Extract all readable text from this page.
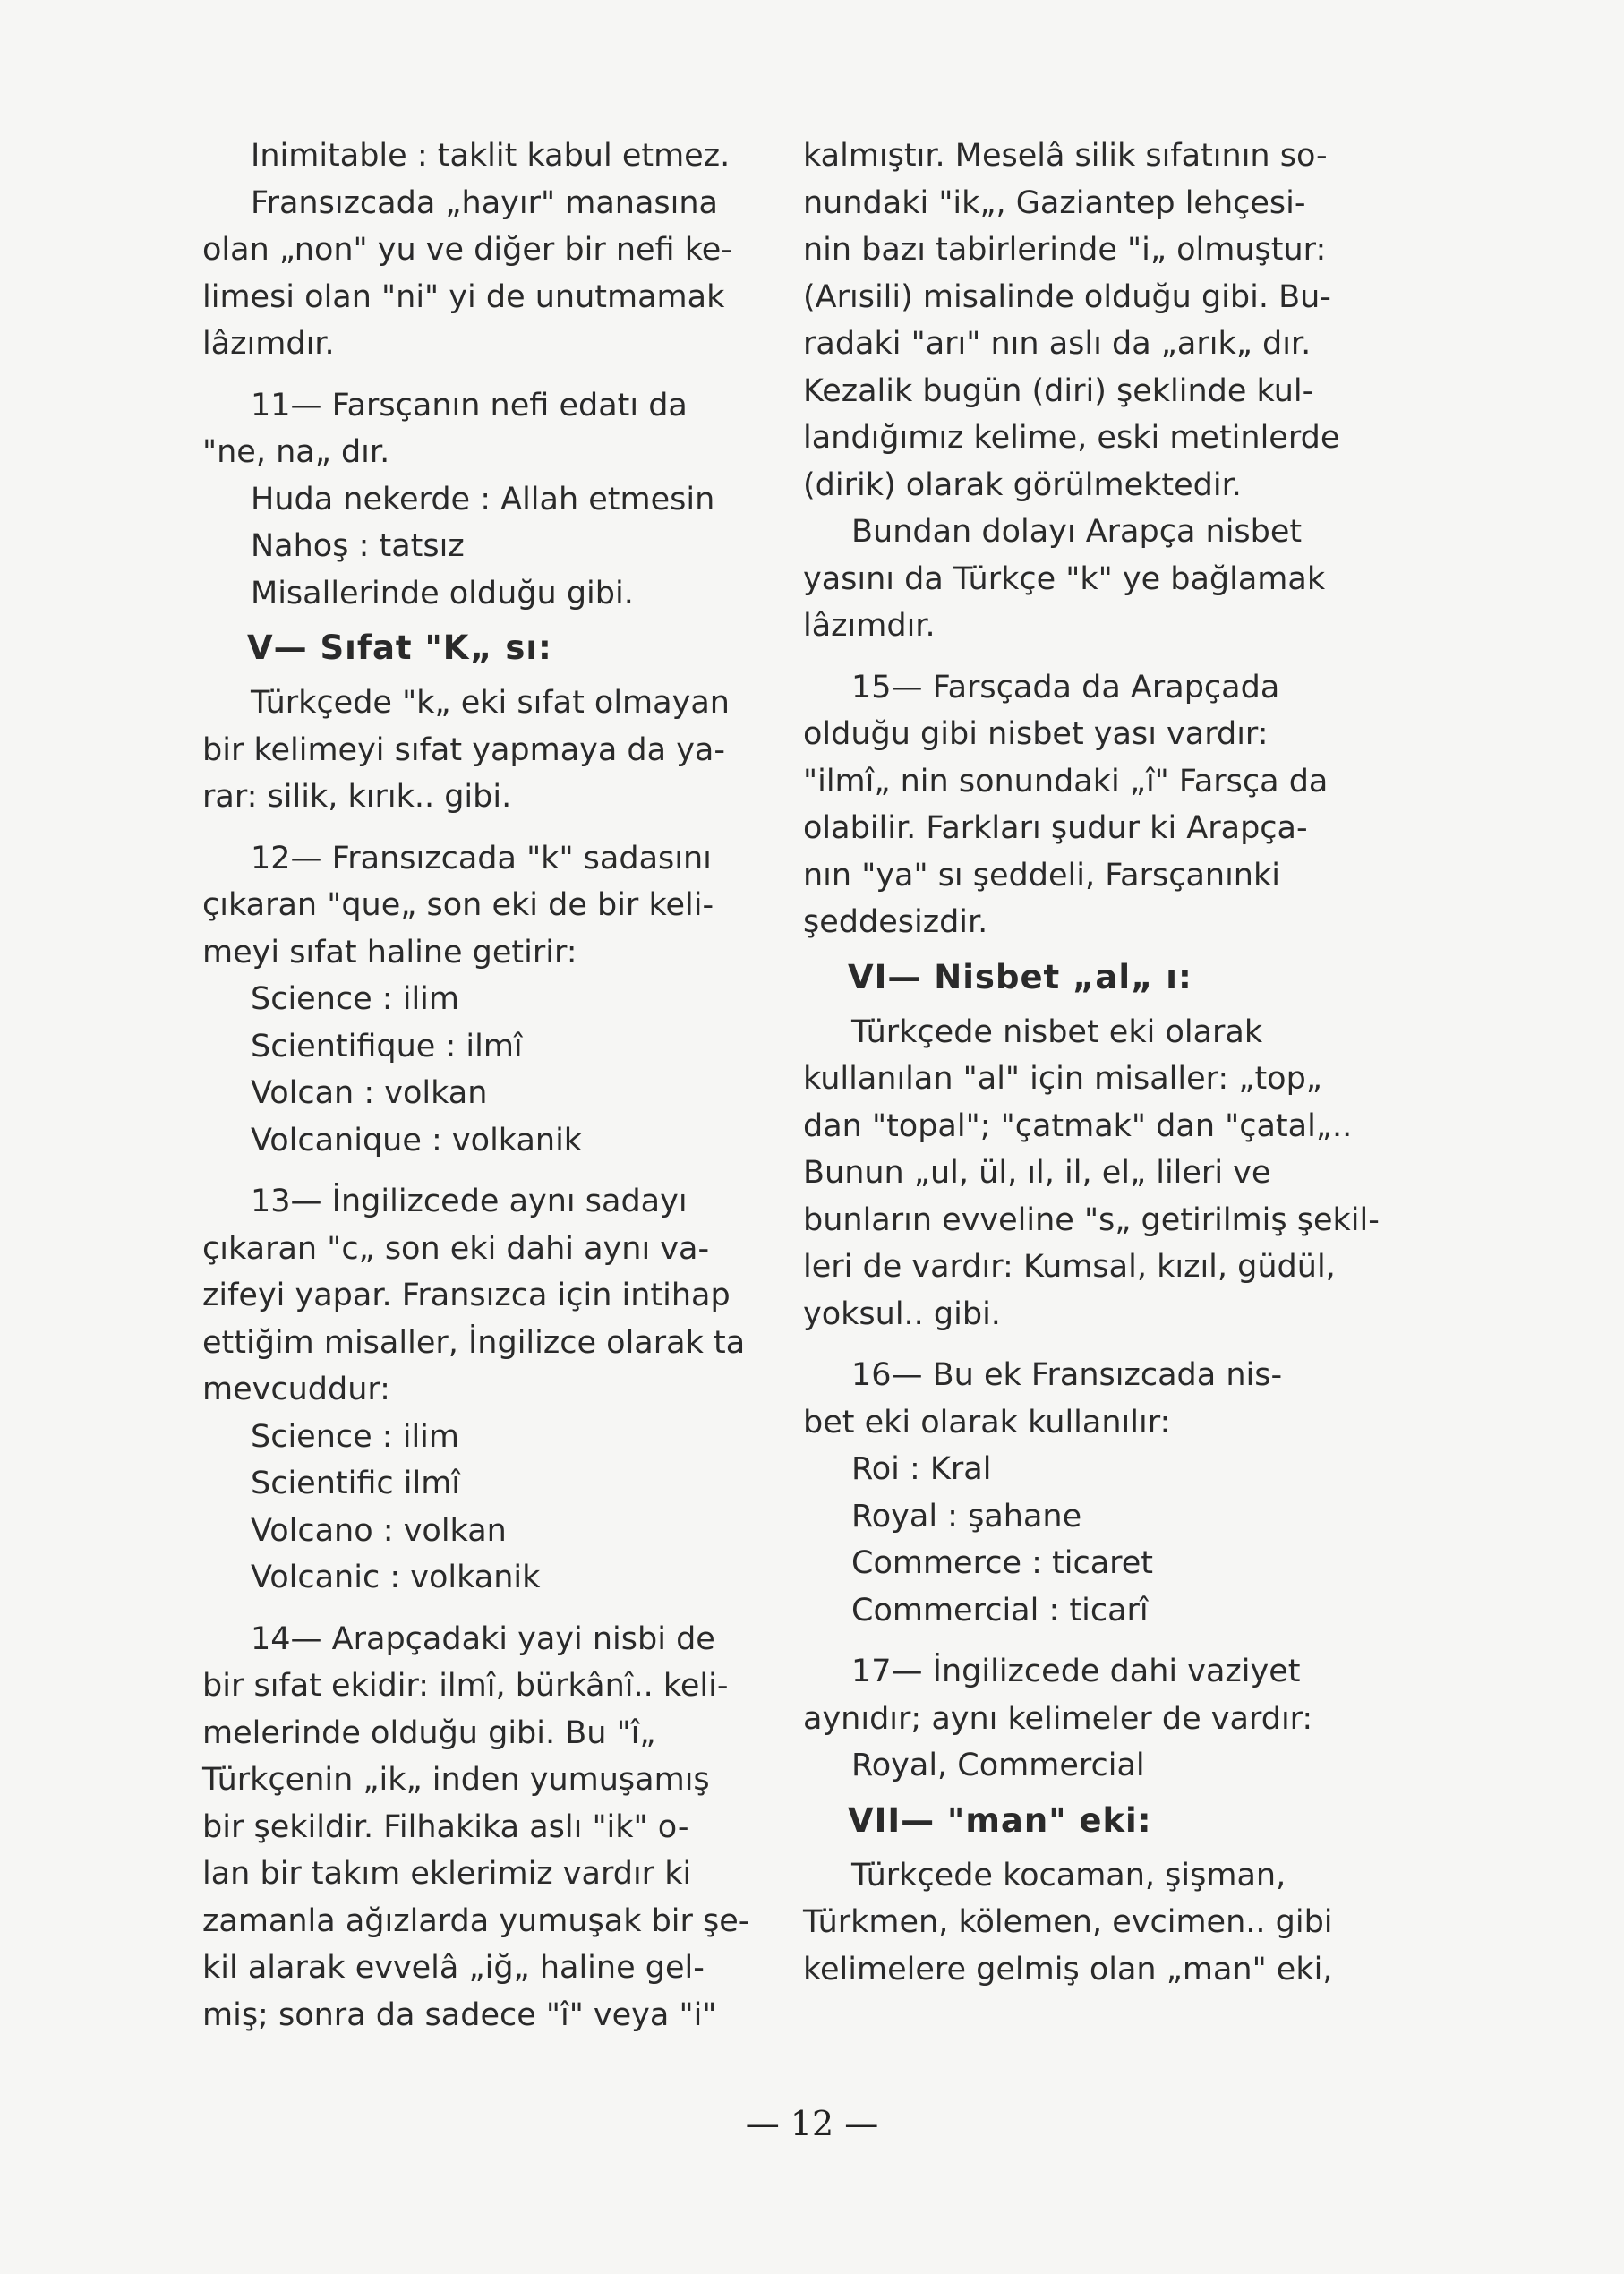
Inimitable : taklit kabul etmez.
Fransızcada „hayır" manasına
olan „non" yu ve diğer bir nefi ke-
limesi olan "ni" yi de unutmamak
lâzımdır.
11— Farsçanın nefi edatı da
"ne, na„ dır.
Huda nekerde : Allah etmesin
Nahoş : tatsız
Misallerinde olduğu gibi.
V— Sıfat "K„ sı:
Türkçede "k„ eki sıfat olmayan
bir kelimeyi sıfat yapmaya da ya-
rar: silik, kırık.. gibi.
12— Fransızcada "k" sadasını
çıkaran "que„ son eki de bir keli-
meyi sıfat haline getirir:
Science : ilim
Scientifique : ilmî
Volcan : volkan
Volcanique : volkanik
13— İngilizcede aynı sadayı
çıkaran "c„ son eki dahi aynı va-
zifeyi yapar. Fransızca için intihap
ettiğim misaller, İngilizce olarak ta
mevcuddur:
Science : ilim
Scientific ilmî
Volcano : volkan
Volcanic : volkanik
14— Arapçadaki yayi nisbi de
bir sıfat ekidir: ilmî, bürkânî.. keli-
melerinde olduğu gibi. Bu "î„
Türkçenin „ik„ inden yumuşamış
bir şekildir. Filhakika aslı "ik" o-
lan bir takım eklerimiz vardır ki
zamanla ağızlarda yumuşak bir şe-
kil alarak evvelâ „iğ„ haline gel-
miş; sonra da sadece "î" veya "i"
kalmıştır. Meselâ silik sıfatının so-
nundaki "ik„, Gaziantep lehçesi-
nin bazı tabirlerinde "i„ olmuştur:
(Arısili) misalinde olduğu gibi. Bu-
radaki "arı" nın aslı da „arık„ dır.
Kezalik bugün (diri) şeklinde kul-
landığımız kelime, eski metinlerde
(dirik) olarak görülmektedir.
Bundan dolayı Arapça nisbet
yasını da Türkçe "k" ye bağlamak
lâzımdır.
15— Farsçada da Arapçada
olduğu gibi nisbet yası vardır:
"ilmî„ nin sonundaki „î" Farsça da
olabilir. Farkları şudur ki Arapça-
nın "ya" sı şeddeli, Farsçanınki
şeddesizdir.
VI— Nisbet „al„ ı:
Türkçede nisbet eki olarak
kullanılan "al" için misaller: „top„
dan "topal"; "çatmak" dan "çatal„..
Bunun „ul, ül, ıl, il, el„ lileri ve
bunların evveline "s„ getirilmiş şekil-
leri de vardır: Kumsal, kızıl, güdül,
yoksul.. gibi.
16— Bu ek Fransızcada nis-
bet eki olarak kullanılır:
Roi : Kral
Royal : şahane
Commerce : ticaret
Commercial : ticarî
17— İngilizcede dahi vaziyet
aynıdır; aynı kelimeler de vardır:
Royal, Commercial
VII— "man" eki:
Türkçede kocaman, şişman,
Türkmen, kölemen, evcimen.. gibi
kelimelere gelmiş olan „man" eki,
— 12 —
